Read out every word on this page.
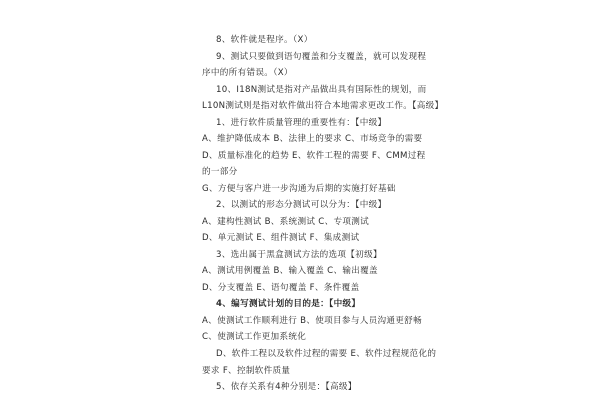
8、软件就是程序。（X）
9、测试只要做到语句覆盖和分支覆盖，就可以发现程
序中的所有错误。（X）
10、I18N测试是指对产品做出具有国际性的规划，而
L10N测试则是指对软件做出符合本地需求更改工作。【高级】
1、进行软件质量管理的重要性有：【中级】
A、维护降低成本 B、法律上的要求 C、市场竞争的需要
D、质量标准化的趋势 E、软件工程的需要 F、CMM过程
的一部分
G、方便与客户进一步沟通为后期的实施打好基础
2、以测试的形态分测试可以分为：【中级】
A、建构性测试 B、系统测试 C、专项测试
D、单元测试 E、组件测试 F、集成测试
3、选出属于黑盒测试方法的选项【初级】
A、测试用例覆盖 B、输入覆盖 C、输出覆盖
D、分支覆盖 E、语句覆盖 F、条件覆盖
4、编写测试计划的目的是：【中级】
A、使测试工作顺利进行 B、使项目参与人员沟通更舒畅
C、使测试工作更加系统化
D、软件工程以及软件过程的需要 E、软件过程规范化的
要求 F、控制软件质量
5、依存关系有4种分别是：【高级】
